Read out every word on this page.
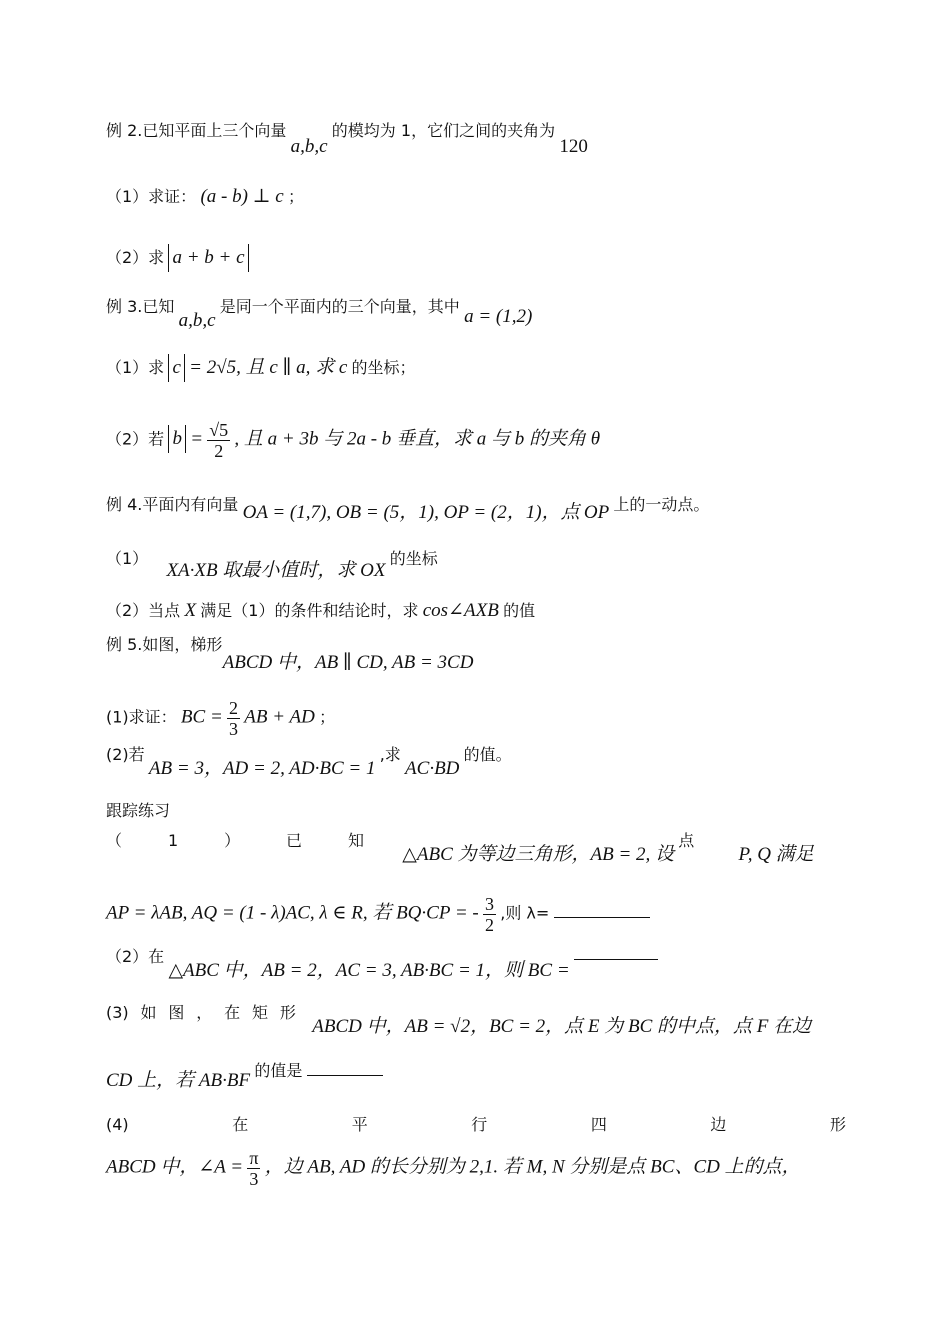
例 2.已知平面上三个向量 a,b,c 的模均为 1，它们之间的夹角为 120
（1）求证： (a - b) ⊥ c ；
（2）求 a + b + c
例 3.已知 a,b,c 是同一个平面内的三个向量，其中 a = (1,2)
（1）求 c = 2√5, 且 c ∥ a, 求 c 的坐标；
（2）若 $b = \frac{√5}{2}$ , 且 a + 3b 与 2a - b 垂直，求 a 与 b 的夹角 θ
例 4.平面内有向量 OA = (1,7), OB = (5，1), OP = (2，1)，点 OP 上的一动点。
（1） XA·XB 取最小值时，求 OX 的坐标
（2）当点 X 满足（1）的条件和结论时，求 cos∠AXB 的值
例 5.如图，梯形 ABCD 中，AB ∥ CD, AB = 3CD
(1)求证： BC = $\frac{2}{3}$ AB + AD ；
(2)若 AB = 3，AD = 2, AD·BC = 1 ,求 AC·BD 的值。
跟踪练习
（	1	）	已	知
△ABC 为等边三角形，AB = 2, 设 点 P, Q 满足
AP = λAB, AQ = (1 - λ)AC, λ ∈ R, 若 BQ·CP = - $\frac{3}{2}$ ,则 λ=
（2）在 △ABC 中，AB = 2，AC = 3, AB·BC = 1，则 BC =
(3) 如 图 ， 在 矩 形
ABCD 中，AB = √2，BC = 2，点 E 为 BC 的中点，点 F 在边
CD 上，若 AB·BF 的值是
(4)	在	平	行	四	边	形
ABCD 中，∠A = $\frac{\pi}{3}$ ，边 AB, AD 的长分别为 2,1. 若 M, N 分别是点 BC、CD 上的点，
